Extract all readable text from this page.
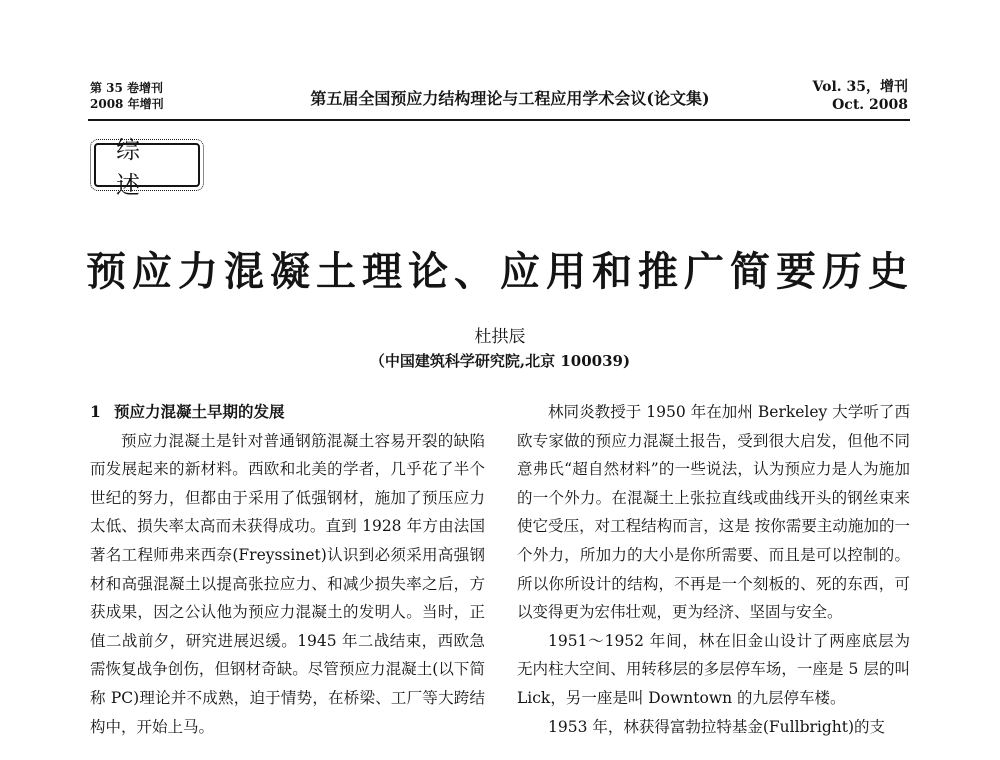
第 35 卷增刊
2008 年增刊	第五届全国预应力结构理论与工程应用学术会议(论文集)
Vol. 35，增刊
Oct. 2008
综述
预应力混凝土理论、应用和推广简要历史
杜拱辰
（中国建筑科学研究院,北京 100039)

1 预应力混凝土早期的发展

预应力混凝土是针对普通钢筋混凝土容易开裂的缺陷而发展起来的新材料。西欧和北美的学者，几乎花了半个世纪的努力，但都由于采用了低强钢材，施加了预压应力太低、损失率太高而未获得成功。直到 1928 年方由法国著名工程师弗来西奈(Freyssinet)认识到必须采用高强钢材和高强混凝土以提高张拉应力、和减少损失率之后，方获成果，因之公认他为预应力混凝土的发明人。当时，正值二战前夕，研究进展迟缓。1945 年二战结束，西欧急需恢复战争创伤，但钢材奇缺。尽管预应力混凝土(以下简称 PC)理论并不成熟，迫于情势，在桥梁、工厂等大跨结构中，开始上马。

林同炎教授于 1950 年在加州 Berkeley 大学听了西欧专家做的预应力混凝土报告，受到很大启发，但他不同意弗氏“超自然材料”的一些说法，认为预应力是人为施加的一个外力。在混凝土上张拉直线或曲线开头的钢丝束来使它受压，对工程结构而言，这是 按你需要主动施加的一个外力，所加力的大小是你所需要、而且是可以控制的。所以你所设计的结构，不再是一个刻板的、死的东西，可以变得更为宏伟壮观，更为经济、坚固与安全。

1951～1952 年间，林在旧金山设计了两座底层为无内柱大空间、用转移层的多层停车场，一座是 5 层的叫 Lick，另一座是叫 Downtown 的九层停车楼。

1953 年，林获得富勃拉特基金(Fullbright)的支
